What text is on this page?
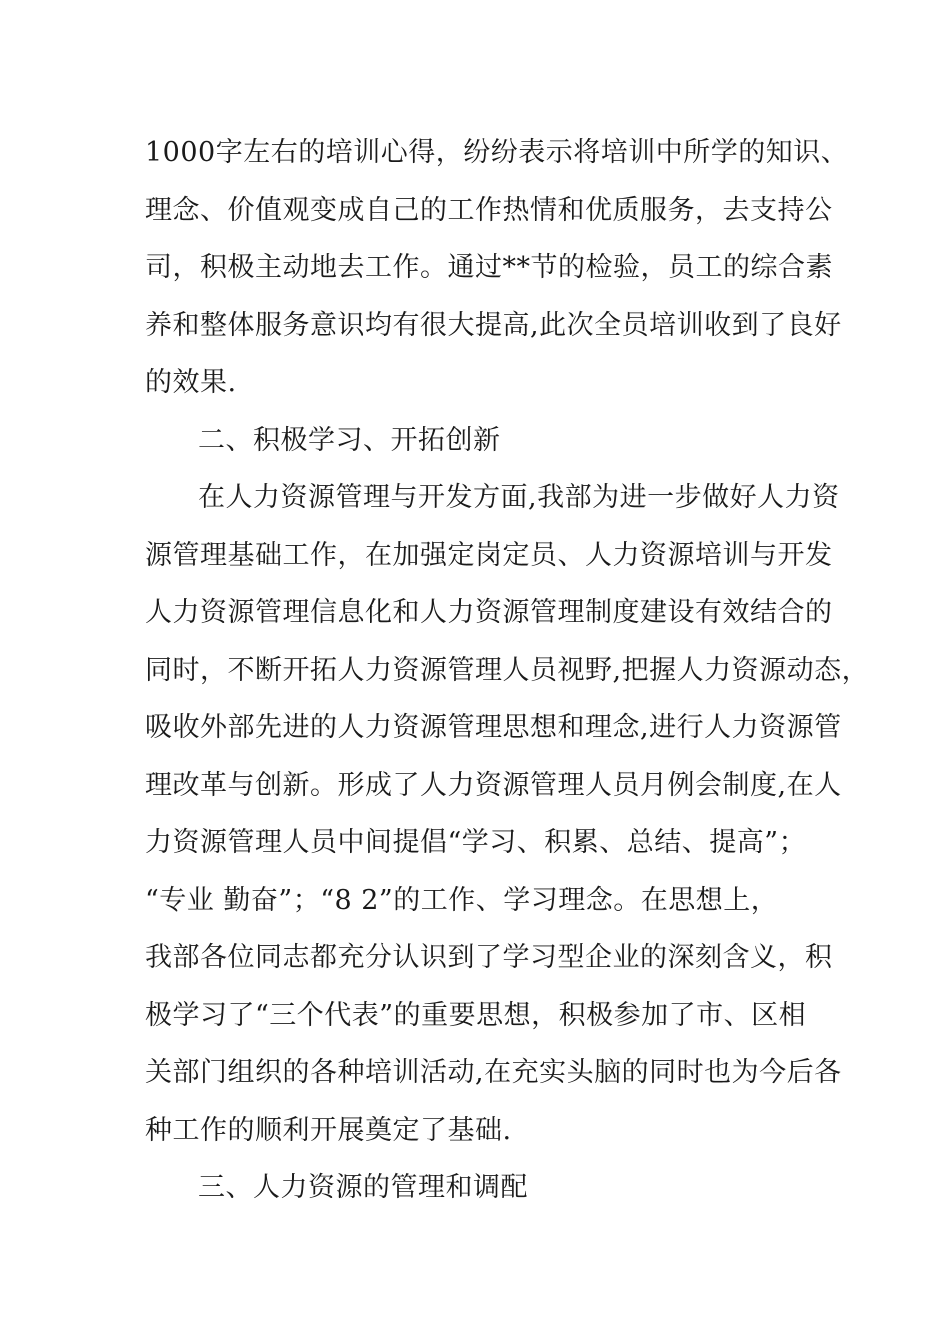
1000字左右的培训心得，纷纷表示将培训中所学的知识、
理念、价值观变成自己的工作热情和优质服务，去支持公
司，积极主动地去工作。通过**节的检验，员工的综合素
养和整体服务意识均有很大提高,此次全员培训收到了良好
的效果.
二、积极学习、开拓创新
在人力资源管理与开发方面,我部为进一步做好人力资
源管理基础工作，在加强定岗定员、人力资源培训与开发
人力资源管理信息化和人力资源管理制度建设有效结合的
同时，不断开拓人力资源管理人员视野,把握人力资源动态，
吸收外部先进的人力资源管理思想和理念,进行人力资源管
理改革与创新。形成了人力资源管理人员月例会制度,在人
力资源管理人员中间提倡“学习、积累、总结、提高”；
“专业 勤奋”；“8 2”的工作、学习理念。在思想上，
我部各位同志都充分认识到了学习型企业的深刻含义，积
极学习了“三个代表”的重要思想，积极参加了市、区相
关部门组织的各种培训活动,在充实头脑的同时也为今后各
种工作的顺利开展奠定了基础.
三、人力资源的管理和调配
